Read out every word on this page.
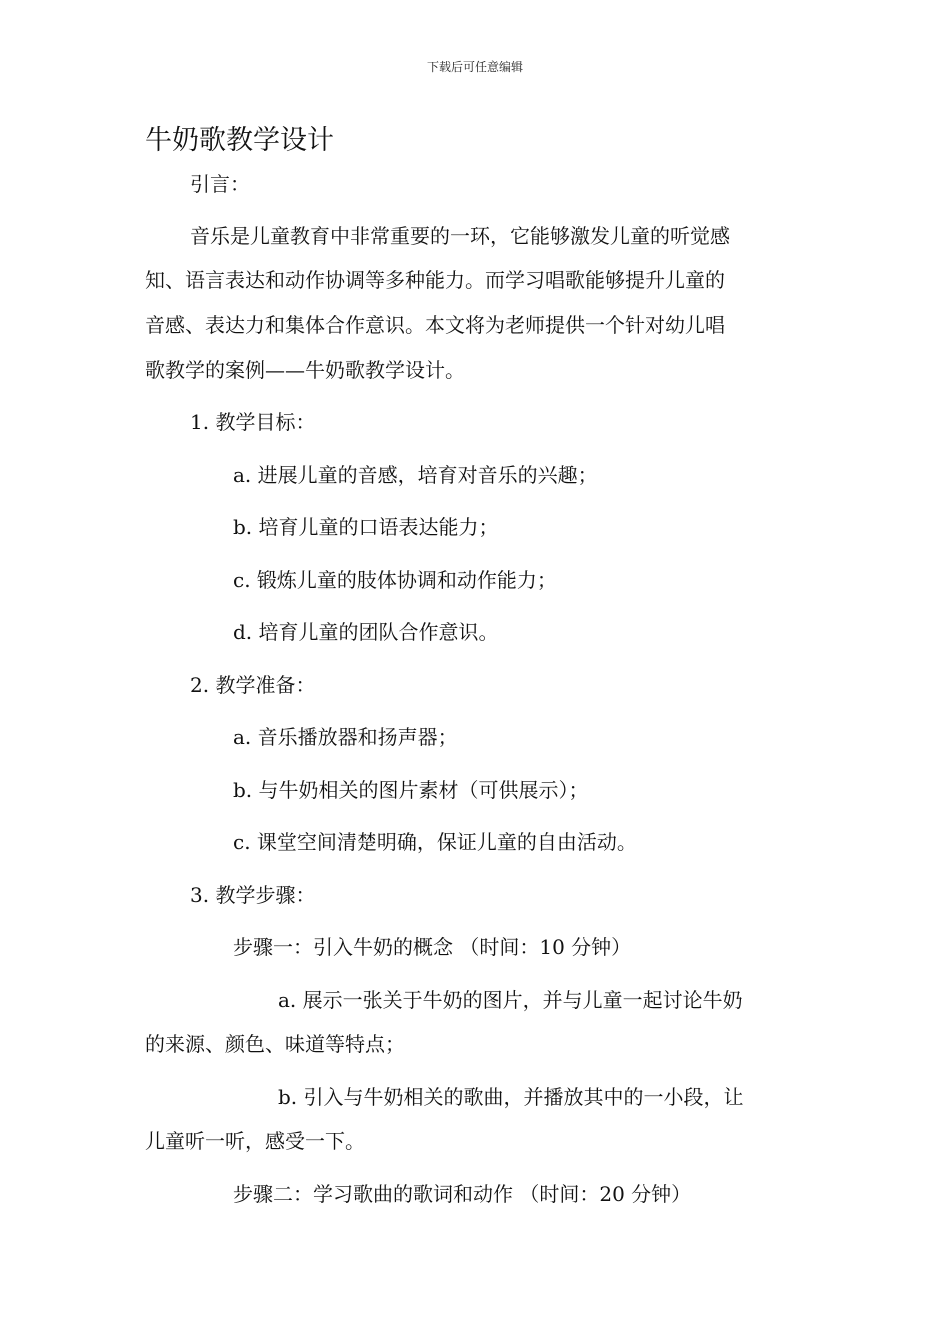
下载后可任意编辑
牛奶歌教学设计
引言：
音乐是儿童教育中非常重要的一环，它能够激发儿童的听觉感
知、语言表达和动作协调等多种能力。而学习唱歌能够提升儿童的
音感、表达力和集体合作意识。本文将为老师提供一个针对幼儿唱
歌教学的案例——牛奶歌教学设计。
1. 教学目标：
a. 进展儿童的音感，培育对音乐的兴趣；
b. 培育儿童的口语表达能力；
c. 锻炼儿童的肢体协调和动作能力；
d. 培育儿童的团队合作意识。
2. 教学准备：
a. 音乐播放器和扬声器；
b. 与牛奶相关的图片素材（可供展示）；
c. 课堂空间清楚明确，保证儿童的自由活动。
3. 教学步骤：
步骤一：引入牛奶的概念 （时间：10 分钟）
a. 展示一张关于牛奶的图片，并与儿童一起讨论牛奶
的来源、颜色、味道等特点；
b. 引入与牛奶相关的歌曲，并播放其中的一小段，让
儿童听一听，感受一下。
步骤二：学习歌曲的歌词和动作 （时间：20 分钟）
